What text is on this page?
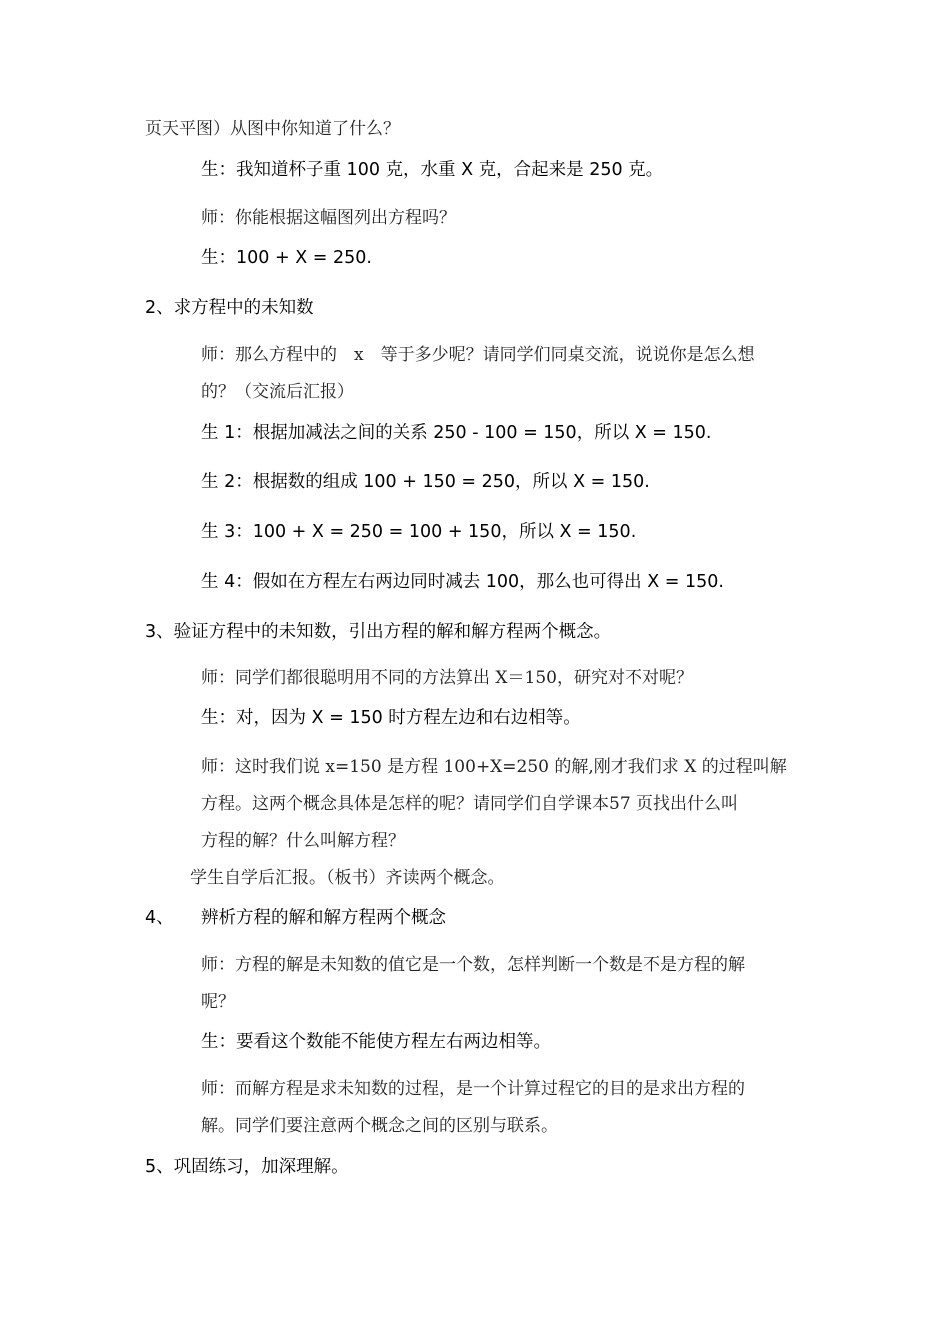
页天平图）从图中你知道了什么？
生：我知道杯子重 100 克，水重 X 克，合起来是 250 克。
师：你能根据这幅图列出方程吗？
生：100 + X = 250.
2、求方程中的未知数
师：那么方程中的　x　等于多少呢？请同学们同桌交流，说说你是怎么想
的？（交流后汇报）
生 1：根据加减法之间的关系 250 - 100 = 150，所以 X = 150.
生 2：根据数的组成 100 + 150 = 250，所以 X = 150.
生 3：100 + X = 250 = 100 + 150，所以 X = 150.
生 4：假如在方程左右两边同时减去 100，那么也可得出 X = 150.
3、验证方程中的未知数，引出方程的解和解方程两个概念。
师：同学们都很聪明用不同的方法算出 X＝150，研究对不对呢？
生：对，因为 X = 150 时方程左边和右边相等。
师：这时我们说 x=150 是方程 100+X=250 的解,刚才我们求 X 的过程叫解
方程。这两个概念具体是怎样的呢？请同学们自学课本57 页找出什么叫
方程的解？什么叫解方程？
学生自学后汇报。（板书）齐读两个概念。
4、 辨析方程的解和解方程两个概念
师：方程的解是未知数的值它是一个数，怎样判断一个数是不是方程的解
呢？
生：要看这个数能不能使方程左右两边相等。
师：而解方程是求未知数的过程，是一个计算过程它的目的是求出方程的
解。同学们要注意两个概念之间的区别与联系。
5、巩固练习，加深理解。
